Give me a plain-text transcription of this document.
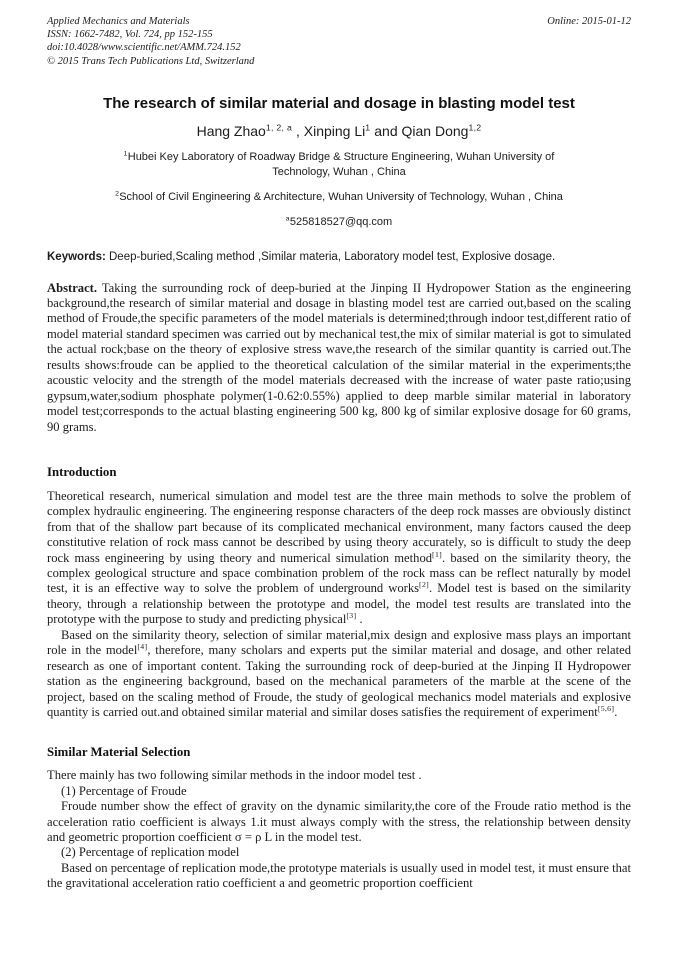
Applied Mechanics and Materials
ISSN: 1662-7482, Vol. 724, pp 152-155
doi:10.4028/www.scientific.net/AMM.724.152
© 2015 Trans Tech Publications Ltd, Switzerland
Online: 2015-01-12
The research of similar material and dosage in blasting model test
Hang Zhao$^{1, 2, a}$ , Xinping Li$^1$ and Qian Dong$^{1,2}$
$^1$Hubei Key Laboratory of Roadway Bridge & Structure Engineering, Wuhan University of Technology, Wuhan , China
$^2$School of Civil Engineering & Architecture, Wuhan University of Technology, Wuhan , China
$^a$525818527@qq.com
Keywords: Deep-buried,Scaling method ,Similar materia, Laboratory model test, Explosive dosage.

Abstract. Taking the surrounding rock of deep-buried at the Jinping II Hydropower Station as the engineering background,the research of similar material and dosage in blasting model test are carried out,based on the scaling method of Froude,the specific parameters of the model materials is determined;through indoor test,different ratio of model material standard specimen was carried out by mechanical test,the mix of similar material is got to simulated the actual rock;base on the theory of explosive stress wave,the research of the similar quantity is carried out.The results shows:froude can be applied to the theoretical calculation of the similar material in the experiments;the acoustic velocity and the strength of the model materials decreased with the increase of water paste ratio;using gypsum,water,sodium phosphate polymer(1-0.62:0.55%) applied to deep marble similar material in laboratory model test;corresponds to the actual blasting engineering 500 kg, 800 kg of similar explosive dosage for 60 grams, 90 grams.

Introduction

Theoretical research, numerical simulation and model test are the three main methods to solve the problem of complex hydraulic engineering. The engineering response characters of the deep rock masses are obviously distinct from that of the shallow part because of its complicated mechanical environment, many factors caused the deep constitutive relation of rock mass cannot be described by using theory accurately, so is difficult to study the deep rock mass engineering by using theory and numerical simulation method[1]. based on the similarity theory, the complex geological structure and space combination problem of the rock mass can be reflect naturally by model test, it is an effective way to solve the problem of underground works[2]. Model test is based on the similarity theory, through a relationship between the prototype and model, the model test results are translated into the prototype with the purpose to study and predicting physical[3] .

Based on the similarity theory, selection of similar material,mix design and explosive mass plays an important role in the model[4], therefore, many scholars and experts put the similar material and dosage, and other related research as one of important content. Taking the surrounding rock of deep-buried at the Jinping II Hydropower station as the engineering background, based on the mechanical parameters of the marble at the scene of the project, based on the scaling method of Froude, the study of geological mechanics model materials and explosive quantity is carried out.and obtained similar material and similar doses satisfies the requirement of experiment[5,6].

Similar Material Selection

There mainly has two following similar methods in the indoor model test .

(1) Percentage of Froude

Froude number show the effect of gravity on the dynamic similarity,the core of the Froude ratio method is the acceleration ratio coefficient is always 1.it must always comply with the stress, the relationship between density and geometric proportion coefficient σ = ρ L in the model test.

(2) Percentage of replication model

Based on percentage of replication mode,the prototype materials is usually used in model test, it must ensure that the gravitational acceleration ratio coefficient a and geometric proportion coefficient
